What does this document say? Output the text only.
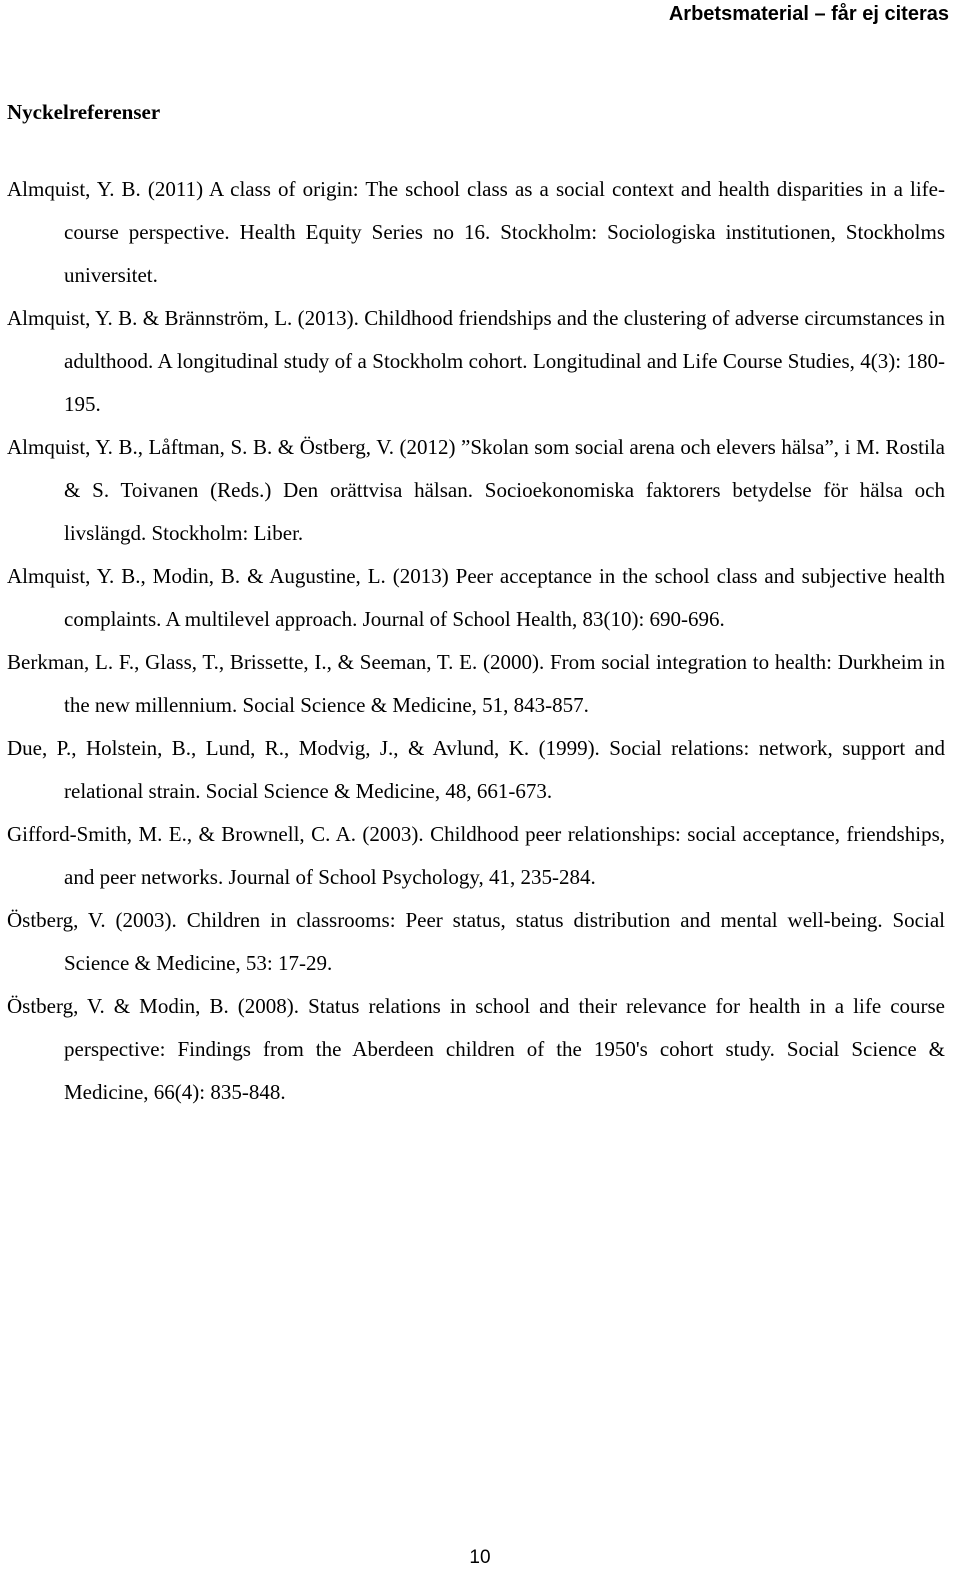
Arbetsmaterial – får ej citeras
Nyckelreferenser

Almquist, Y. B. (2011) A class of origin: The school class as a social context and health disparities in a life-course perspective. Health Equity Series no 16. Stockholm: Sociologiska institutionen, Stockholms universitet.

Almquist, Y. B. & Brännström, L. (2013). Childhood friendships and the clustering of adverse circumstances in adulthood. A longitudinal study of a Stockholm cohort. Longitudinal and Life Course Studies, 4(3): 180-195.

Almquist, Y. B., Låftman, S. B. & Östberg, V. (2012) ”Skolan som social arena och elevers hälsa”, i M. Rostila & S. Toivanen (Reds.) Den orättvisa hälsan. Socioekonomiska faktorers betydelse för hälsa och livslängd. Stockholm: Liber.

Almquist, Y. B., Modin, B. & Augustine, L. (2013) Peer acceptance in the school class and subjective health complaints. A multilevel approach. Journal of School Health, 83(10): 690-696.

Berkman, L. F., Glass, T., Brissette, I., & Seeman, T. E. (2000). From social integration to health: Durkheim in the new millennium. Social Science & Medicine, 51, 843-857.

Due, P., Holstein, B., Lund, R., Modvig, J., & Avlund, K. (1999). Social relations: network, support and relational strain. Social Science & Medicine, 48, 661-673.

Gifford-Smith, M. E., & Brownell, C. A. (2003). Childhood peer relationships: social acceptance, friendships, and peer networks. Journal of School Psychology, 41, 235-284.

Östberg, V. (2003). Children in classrooms: Peer status, status distribution and mental well-being. Social Science & Medicine, 53: 17-29.

Östberg, V. & Modin, B. (2008). Status relations in school and their relevance for health in a life course perspective: Findings from the Aberdeen children of the 1950's cohort study. Social Science & Medicine, 66(4): 835-848.

10
